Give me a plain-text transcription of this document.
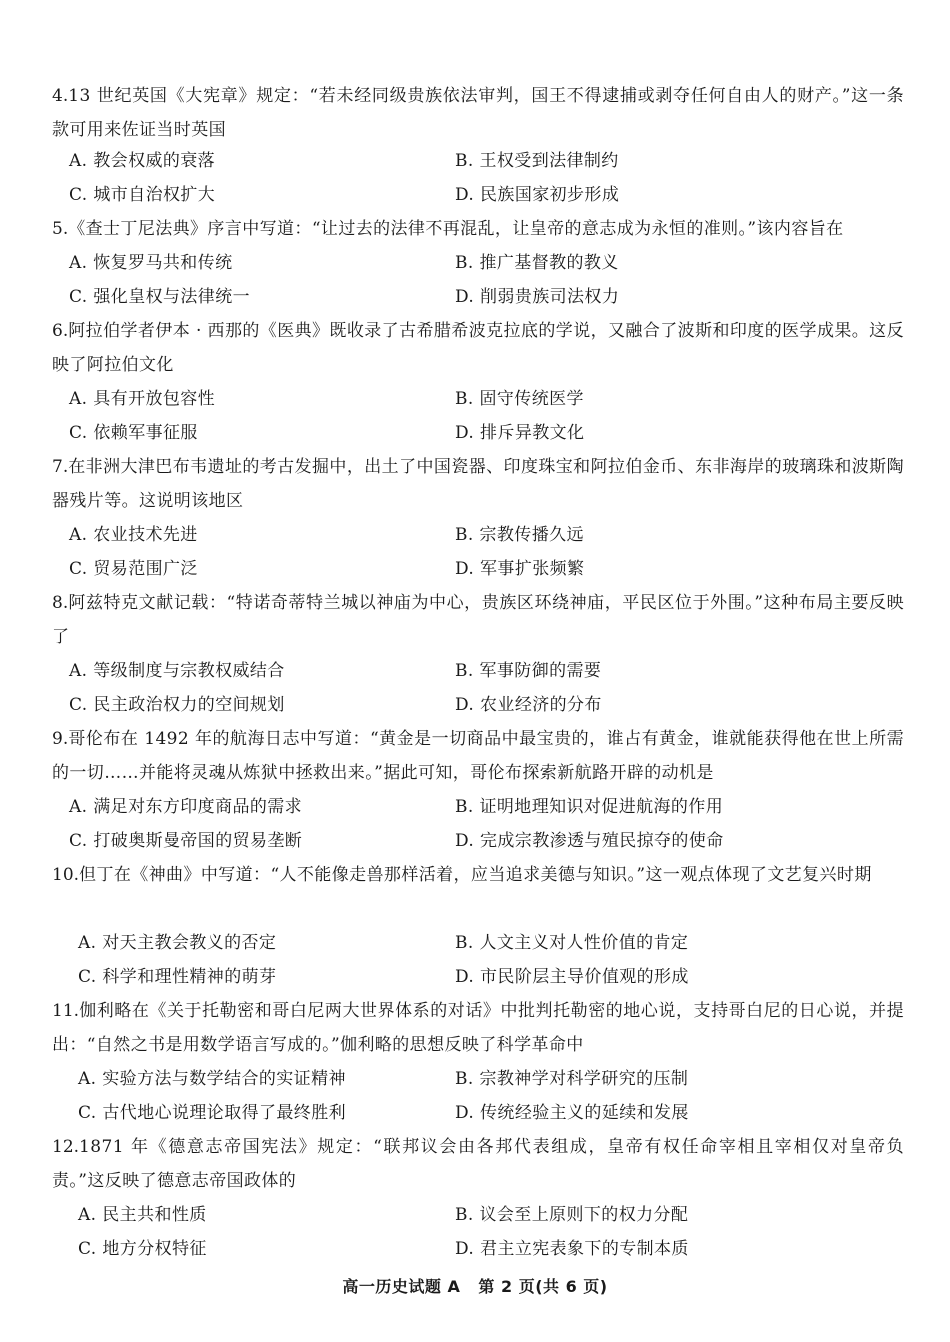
4.13 世纪英国《大宪章》规定：“若未经同级贵族依法审判，国王不得逮捕或剥夺任何自由人的财产。”这一条款可用来佐证当时英国
A. 教会权威的衰落	B. 王权受到法律制约
C. 城市自治权扩大	D. 民族国家初步形成
5.《查士丁尼法典》序言中写道：“让过去的法律不再混乱，让皇帝的意志成为永恒的准则。”该内容旨在
A. 恢复罗马共和传统	B. 推广基督教的教义
C. 强化皇权与法律统一	D. 削弱贵族司法权力
6.阿拉伯学者伊本 · 西那的《医典》既收录了古希腊希波克拉底的学说，又融合了波斯和印度的医学成果。这反映了阿拉伯文化
A. 具有开放包容性	B. 固守传统医学
C. 依赖军事征服	D. 排斥异教文化
7.在非洲大津巴布韦遗址的考古发掘中，出土了中国瓷器、印度珠宝和阿拉伯金币、东非海岸的玻璃珠和波斯陶器残片等。这说明该地区
A. 农业技术先进	B. 宗教传播久远
C. 贸易范围广泛	D. 军事扩张频繁
8.阿兹特克文献记载：“特诺奇蒂特兰城以神庙为中心，贵族区环绕神庙，平民区位于外围。”这种布局主要反映了
A. 等级制度与宗教权威结合	B. 军事防御的需要
C. 民主政治权力的空间规划	D. 农业经济的分布
9.哥伦布在 1492 年的航海日志中写道：“黄金是一切商品中最宝贵的，谁占有黄金，谁就能获得他在世上所需的一切……并能将灵魂从炼狱中拯救出来。”据此可知，哥伦布探索新航路开辟的动机是
A. 满足对东方印度商品的需求	B. 证明地理知识对促进航海的作用
C. 打破奥斯曼帝国的贸易垄断	D. 完成宗教渗透与殖民掠夺的使命
10.但丁在《神曲》中写道：“人不能像走兽那样活着，应当追求美德与知识。”这一观点体现了文艺复兴时期
A. 对天主教会教义的否定	B. 人文主义对人性价值的肯定
C. 科学和理性精神的萌芽	D. 市民阶层主导价值观的形成
11.伽利略在《关于托勒密和哥白尼两大世界体系的对话》中批判托勒密的地心说，支持哥白尼的日心说，并提出：“自然之书是用数学语言写成的。”伽利略的思想反映了科学革命中
A. 实验方法与数学结合的实证精神	B. 宗教神学对科学研究的压制
C. 古代地心说理论取得了最终胜利	D. 传统经验主义的延续和发展
12.1871 年《德意志帝国宪法》规定：“联邦议会由各邦代表组成，皇帝有权任命宰相且宰相仅对皇帝负责。”这反映了德意志帝国政体的
A. 民主共和性质	B. 议会至上原则下的权力分配
C. 地方分权特征	D. 君主立宪表象下的专制本质
高一历史试题 A 第 2 页(共 6 页)
